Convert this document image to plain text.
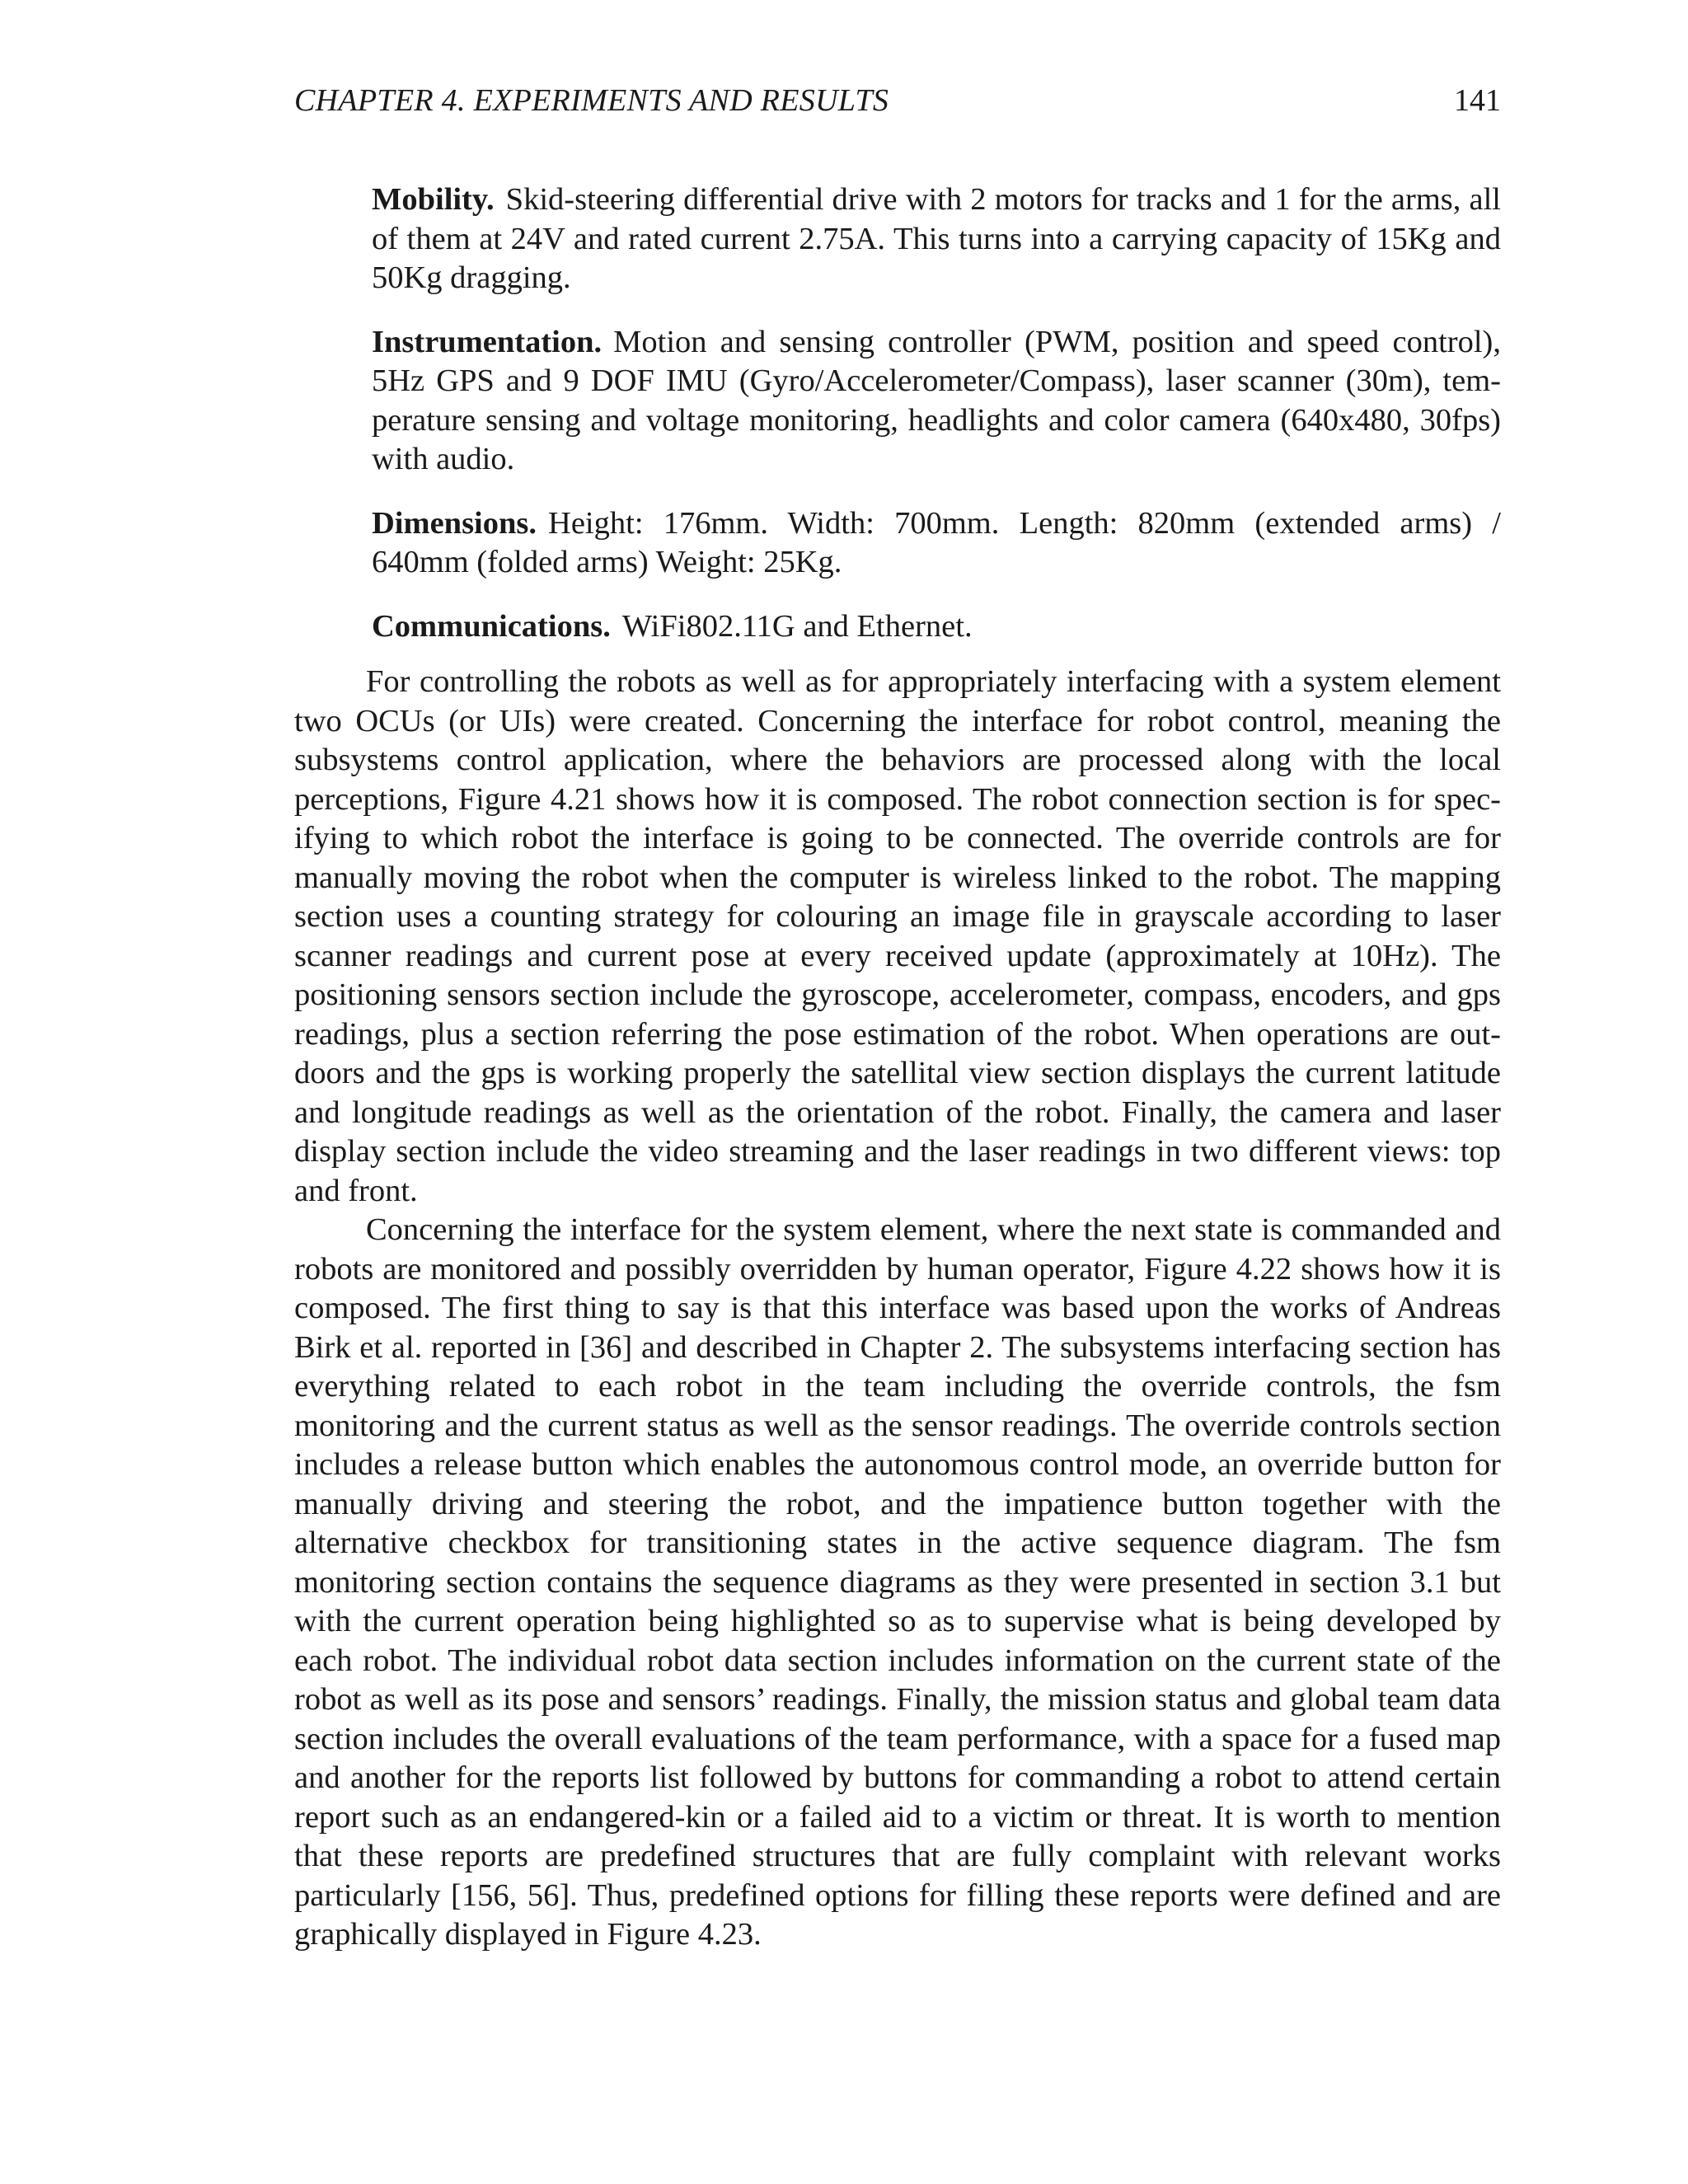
CHAPTER 4. EXPERIMENTS AND RESULTS	141

Mobility. Skid-steering differential drive with 2 motors for tracks and 1 for the arms, all of them at 24V and rated current 2.75A. This turns into a carrying capacity of 15Kg and 50Kg dragging.

Instrumentation. Motion and sensing controller (PWM, position and speed control), 5Hz GPS and 9 DOF IMU (Gyro/Accelerometer/Compass), laser scanner (30m), temperature sensing and voltage monitoring, headlights and color camera (640x480, 30fps) with audio.

Dimensions. Height: 176mm. Width: 700mm. Length: 820mm (extended arms) / 640mm (folded arms) Weight: 25Kg.

Communications. WiFi802.11G and Ethernet.

For controlling the robots as well as for appropriately interfacing with a system element two OCUs (or UIs) were created. Concerning the interface for robot control, meaning the subsystems control application, where the behaviors are processed along with the local perceptions, Figure 4.21 shows how it is composed. The robot connection section is for specifying to which robot the interface is going to be connected. The override controls are for manually moving the robot when the computer is wireless linked to the robot. The mapping section uses a counting strategy for colouring an image file in grayscale according to laser scanner readings and current pose at every received update (approximately at 10Hz). The positioning sensors section include the gyroscope, accelerometer, compass, encoders, and gps readings, plus a section referring the pose estimation of the robot. When operations are outdoors and the gps is working properly the satellital view section displays the current latitude and longitude readings as well as the orientation of the robot. Finally, the camera and laser display section include the video streaming and the laser readings in two different views: top and front.

Concerning the interface for the system element, where the next state is commanded and robots are monitored and possibly overridden by human operator, Figure 4.22 shows how it is composed. The first thing to say is that this interface was based upon the works of Andreas Birk et al. reported in [36] and described in Chapter 2. The subsystems interfacing section has everything related to each robot in the team including the override controls, the fsm monitoring and the current status as well as the sensor readings. The override controls section includes a release button which enables the autonomous control mode, an override button for manually driving and steering the robot, and the impatience button together with the alternative checkbox for transitioning states in the active sequence diagram. The fsm monitoring section contains the sequence diagrams as they were presented in section 3.1 but with the current operation being highlighted so as to supervise what is being developed by each robot. The individual robot data section includes information on the current state of the robot as well as its pose and sensors’ readings. Finally, the mission status and global team data section includes the overall evaluations of the team performance, with a space for a fused map and another for the reports list followed by buttons for commanding a robot to attend certain report such as an endangered-kin or a failed aid to a victim or threat. It is worth to mention that these reports are predefined structures that are fully complaint with relevant works particularly [156, 56]. Thus, predefined options for filling these reports were defined and are graphically displayed in Figure 4.23.
